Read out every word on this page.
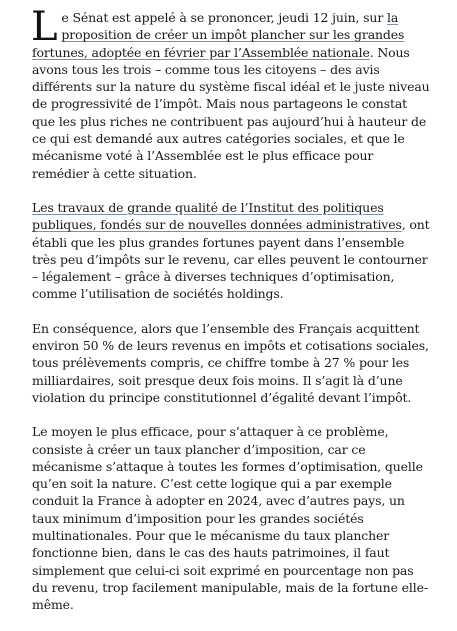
Le Sénat est appelé à se prononcer, jeudi 12 juin, sur la proposition de créer un impôt plancher sur les grandes fortunes, adoptée en février par l’Assemblée nationale. Nous avons tous les trois – comme tous les citoyens – des avis différents sur la nature du système fiscal idéal et le juste niveau de progressivité de l’impôt. Mais nous partageons le constat que les plus riches ne contribuent pas aujourd’hui à hauteur de ce qui est demandé aux autres catégories sociales, et que le mécanisme voté à l’Assemblée est le plus efficace pour remédier à cette situation.

Les travaux de grande qualité de l’Institut des politiques publiques, fondés sur de nouvelles données administratives, ont établi que les plus grandes fortunes payent dans l’ensemble très peu d’impôts sur le revenu, car elles peuvent le contourner – légalement – grâce à diverses techniques d’optimisation, comme l’utilisation de sociétés holdings.

En conséquence, alors que l’ensemble des Français acquittent environ 50 % de leurs revenus en impôts et cotisations sociales, tous prélèvements compris, ce chiffre tombe à 27 % pour les milliardaires, soit presque deux fois moins. Il s’agit là d’une violation du principe constitutionnel d’égalité devant l’impôt.

Le moyen le plus efficace, pour s’attaquer à ce problème, consiste à créer un taux plancher d’imposition, car ce mécanisme s’attaque à toutes les formes d’optimisation, quelle qu’en soit la nature. C’est cette logique qui a par exemple conduit la France à adopter en 2024, avec d’autres pays, un taux minimum d’imposition pour les grandes sociétés multinationales. Pour que le mécanisme du taux plancher fonctionne bien, dans le cas des hauts patrimoines, il faut simplement que celui-ci soit exprimé en pourcentage non pas du revenu, trop facilement manipulable, mais de la fortune elle-même.
